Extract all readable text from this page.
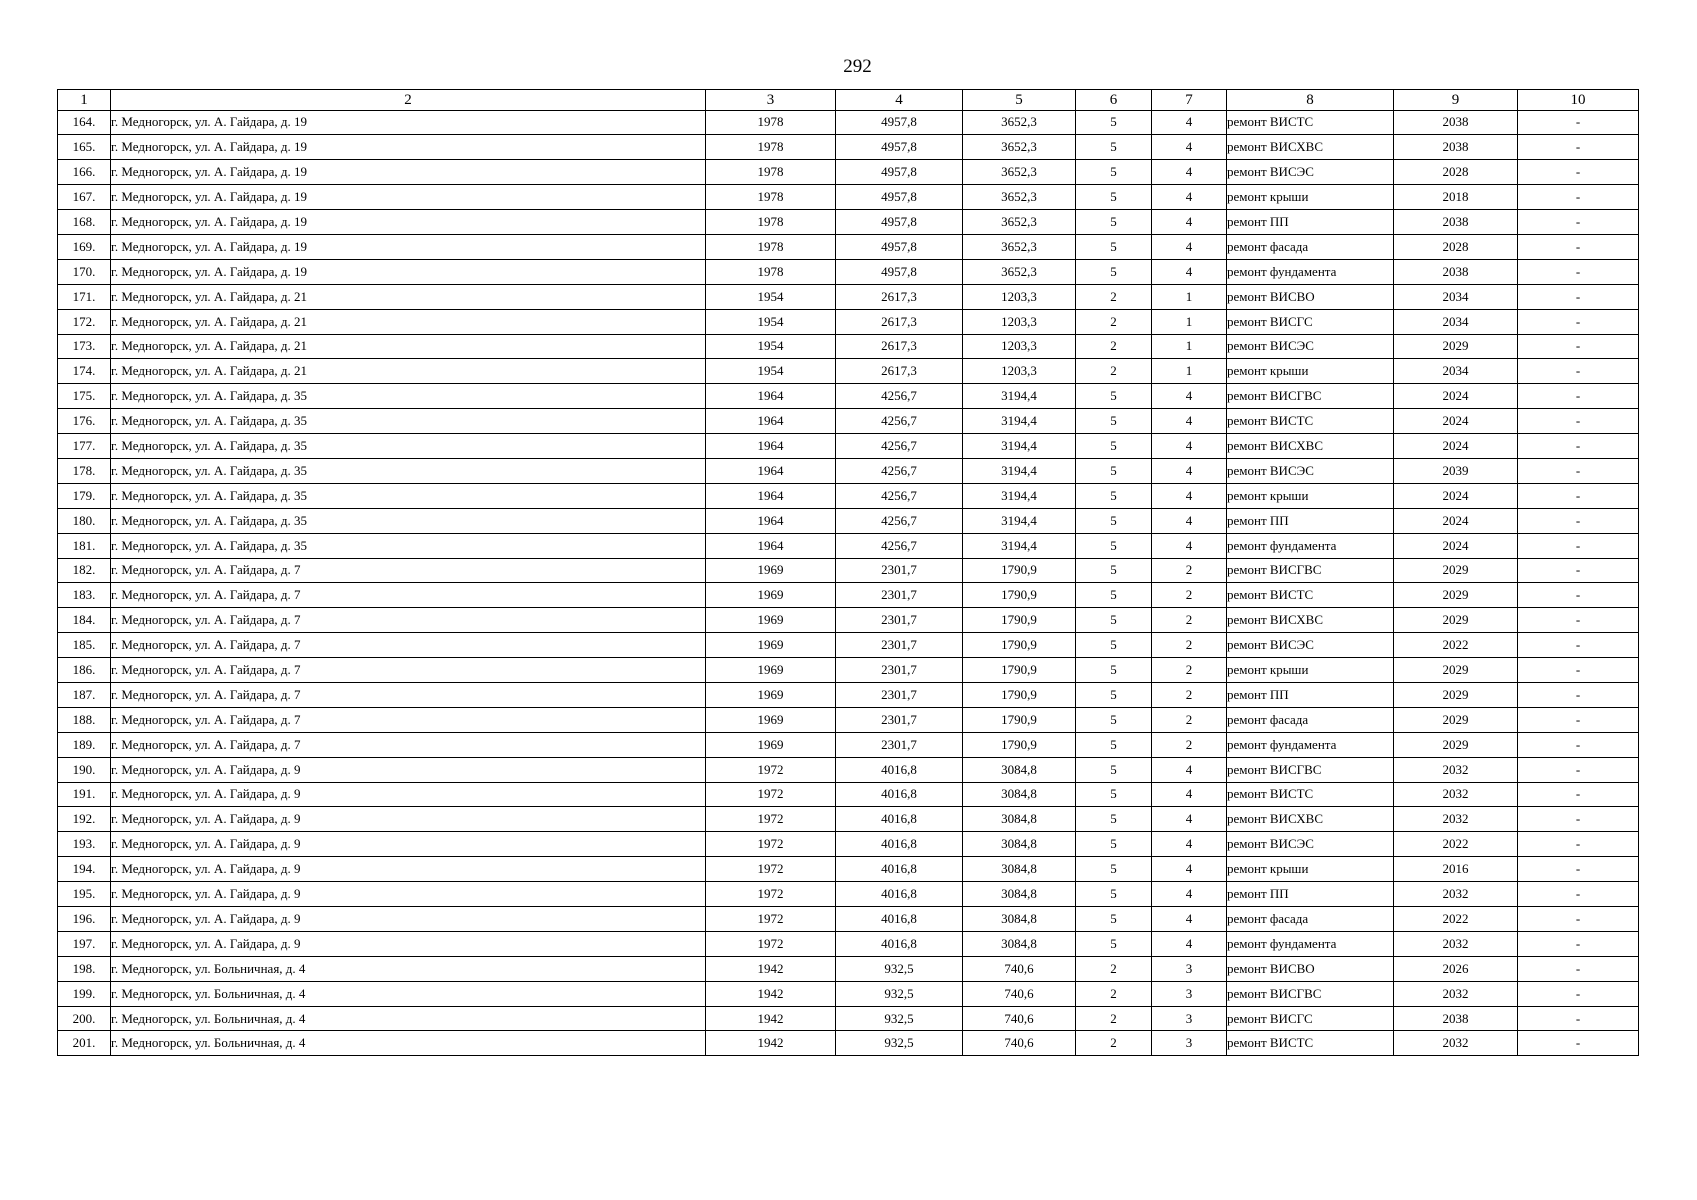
292
1	2	3	4	5	6	7	8	9	10
164.	г. Медногорск, ул. А. Гайдара, д. 19	1978	4957,8	3652,3	5	4	ремонт ВИСТС	2038	-
165.	г. Медногорск, ул. А. Гайдара, д. 19	1978	4957,8	3652,3	5	4	ремонт ВИСХВС	2038	-
166.	г. Медногорск, ул. А. Гайдара, д. 19	1978	4957,8	3652,3	5	4	ремонт ВИСЭС	2028	-
167.	г. Медногорск, ул. А. Гайдара, д. 19	1978	4957,8	3652,3	5	4	ремонт крыши	2018	-
168.	г. Медногорск, ул. А. Гайдара, д. 19	1978	4957,8	3652,3	5	4	ремонт ПП	2038	-
169.	г. Медногорск, ул. А. Гайдара, д. 19	1978	4957,8	3652,3	5	4	ремонт фасада	2028	-
170.	г. Медногорск, ул. А. Гайдара, д. 19	1978	4957,8	3652,3	5	4	ремонт фундамента	2038	-
171.	г. Медногорск, ул. А. Гайдара, д. 21	1954	2617,3	1203,3	2	1	ремонт ВИСВО	2034	-
172.	г. Медногорск, ул. А. Гайдара, д. 21	1954	2617,3	1203,3	2	1	ремонт ВИСГС	2034	-
173.	г. Медногорск, ул. А. Гайдара, д. 21	1954	2617,3	1203,3	2	1	ремонт ВИСЭС	2029	-
174.	г. Медногорск, ул. А. Гайдара, д. 21	1954	2617,3	1203,3	2	1	ремонт крыши	2034	-
175.	г. Медногорск, ул. А. Гайдара, д. 35	1964	4256,7	3194,4	5	4	ремонт ВИСГВС	2024	-
176.	г. Медногорск, ул. А. Гайдара, д. 35	1964	4256,7	3194,4	5	4	ремонт ВИСТС	2024	-
177.	г. Медногорск, ул. А. Гайдара, д. 35	1964	4256,7	3194,4	5	4	ремонт ВИСХВС	2024	-
178.	г. Медногорск, ул. А. Гайдара, д. 35	1964	4256,7	3194,4	5	4	ремонт ВИСЭС	2039	-
179.	г. Медногорск, ул. А. Гайдара, д. 35	1964	4256,7	3194,4	5	4	ремонт крыши	2024	-
180.	г. Медногорск, ул. А. Гайдара, д. 35	1964	4256,7	3194,4	5	4	ремонт ПП	2024	-
181.	г. Медногорск, ул. А. Гайдара, д. 35	1964	4256,7	3194,4	5	4	ремонт фундамента	2024	-
182.	г. Медногорск, ул. А. Гайдара, д. 7	1969	2301,7	1790,9	5	2	ремонт ВИСГВС	2029	-
183.	г. Медногорск, ул. А. Гайдара, д. 7	1969	2301,7	1790,9	5	2	ремонт ВИСТС	2029	-
184.	г. Медногорск, ул. А. Гайдара, д. 7	1969	2301,7	1790,9	5	2	ремонт ВИСХВС	2029	-
185.	г. Медногорск, ул. А. Гайдара, д. 7	1969	2301,7	1790,9	5	2	ремонт ВИСЭС	2022	-
186.	г. Медногорск, ул. А. Гайдара, д. 7	1969	2301,7	1790,9	5	2	ремонт крыши	2029	-
187.	г. Медногорск, ул. А. Гайдара, д. 7	1969	2301,7	1790,9	5	2	ремонт ПП	2029	-
188.	г. Медногорск, ул. А. Гайдара, д. 7	1969	2301,7	1790,9	5	2	ремонт фасада	2029	-
189.	г. Медногорск, ул. А. Гайдара, д. 7	1969	2301,7	1790,9	5	2	ремонт фундамента	2029	-
190.	г. Медногорск, ул. А. Гайдара, д. 9	1972	4016,8	3084,8	5	4	ремонт ВИСГВС	2032	-
191.	г. Медногорск, ул. А. Гайдара, д. 9	1972	4016,8	3084,8	5	4	ремонт ВИСТС	2032	-
192.	г. Медногорск, ул. А. Гайдара, д. 9	1972	4016,8	3084,8	5	4	ремонт ВИСХВС	2032	-
193.	г. Медногорск, ул. А. Гайдара, д. 9	1972	4016,8	3084,8	5	4	ремонт ВИСЭС	2022	-
194.	г. Медногорск, ул. А. Гайдара, д. 9	1972	4016,8	3084,8	5	4	ремонт крыши	2016	-
195.	г. Медногорск, ул. А. Гайдара, д. 9	1972	4016,8	3084,8	5	4	ремонт ПП	2032	-
196.	г. Медногорск, ул. А. Гайдара, д. 9	1972	4016,8	3084,8	5	4	ремонт фасада	2022	-
197.	г. Медногорск, ул. А. Гайдара, д. 9	1972	4016,8	3084,8	5	4	ремонт фундамента	2032	-
198.	г. Медногорск, ул. Больничная, д. 4	1942	932,5	740,6	2	3	ремонт ВИСВО	2026	-
199.	г. Медногорск, ул. Больничная, д. 4	1942	932,5	740,6	2	3	ремонт ВИСГВС	2032	-
200.	г. Медногорск, ул. Больничная, д. 4	1942	932,5	740,6	2	3	ремонт ВИСГС	2038	-
201.	г. Медногорск, ул. Больничная, д. 4	1942	932,5	740,6	2	3	ремонт ВИСТС	2032	-
